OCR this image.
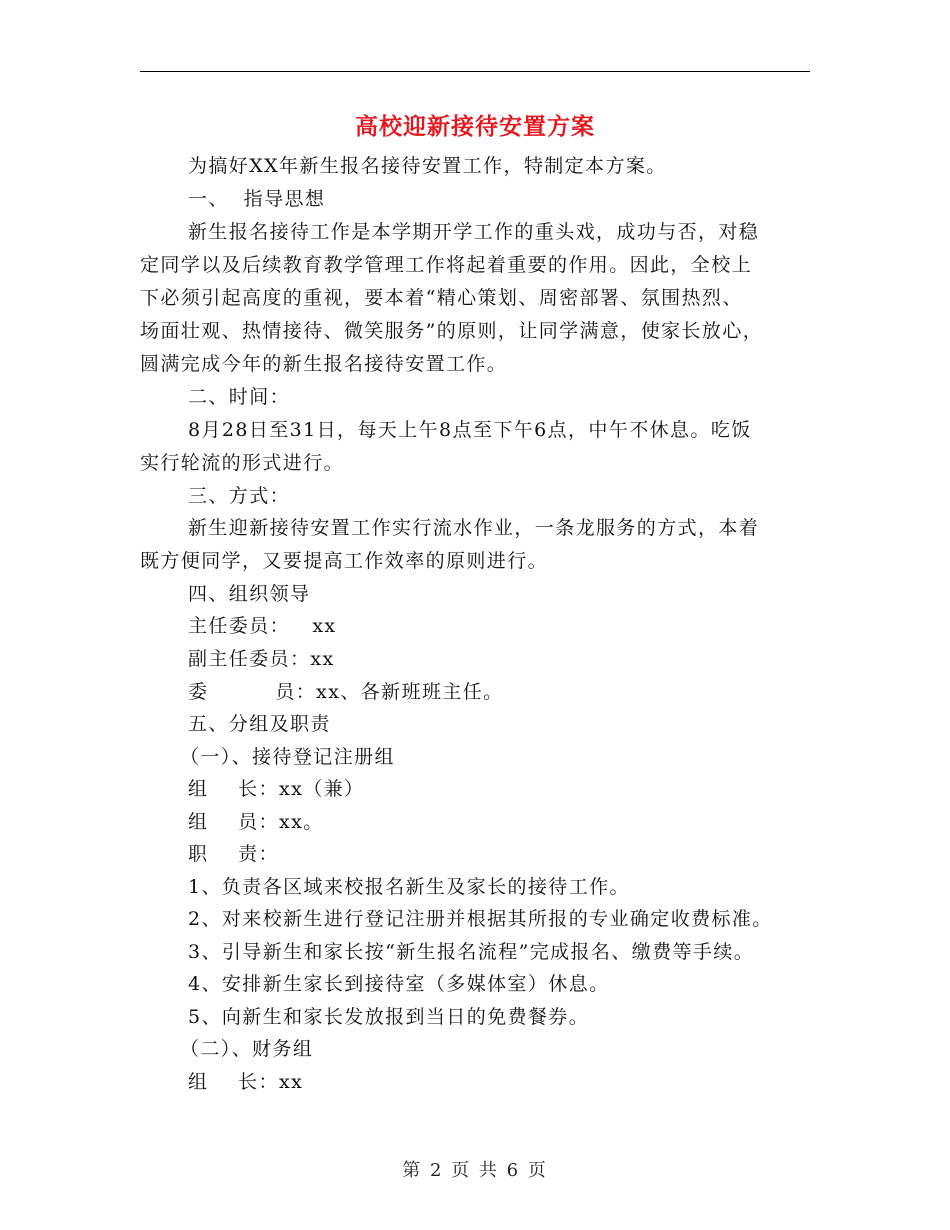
高校迎新接待安置方案
为搞好XX年新生报名接待安置工作，特制定本方案。
一、  指导思想
新生报名接待工作是本学期开学工作的重头戏，成功与否，对稳
定同学以及后续教育教学管理工作将起着重要的作用。因此，全校上
下必须引起高度的重视，要本着“精心策划、周密部署、氛围热烈、
场面壮观、热情接待、微笑服务”的原则，让同学满意，使家长放心，
圆满完成今年的新生报名接待安置工作。
二、时间：
8月28日至31日，每天上午8点至下午6点，中午不休息。吃饭
实行轮流的形式进行。
三、方式：
新生迎新接待安置工作实行流水作业，一条龙服务的方式，本着
既方便同学，又要提高工作效率的原则进行。
四、组织领导
主任委员：   xx
副主任委员：xx
委         员：xx、各新班班主任。
五、分组及职责
（一）、接待登记注册组
组    长：xx（兼）
组    员：xx。
职    责：
1、负责各区域来校报名新生及家长的接待工作。
2、对来校新生进行登记注册并根据其所报的专业确定收费标准。
3、引导新生和家长按“新生报名流程”完成报名、缴费等手续。
4、安排新生家长到接待室（多媒体室）休息。
5、向新生和家长发放报到当日的免费餐券。
（二）、财务组
组    长：xx
第 2 页 共 6 页
